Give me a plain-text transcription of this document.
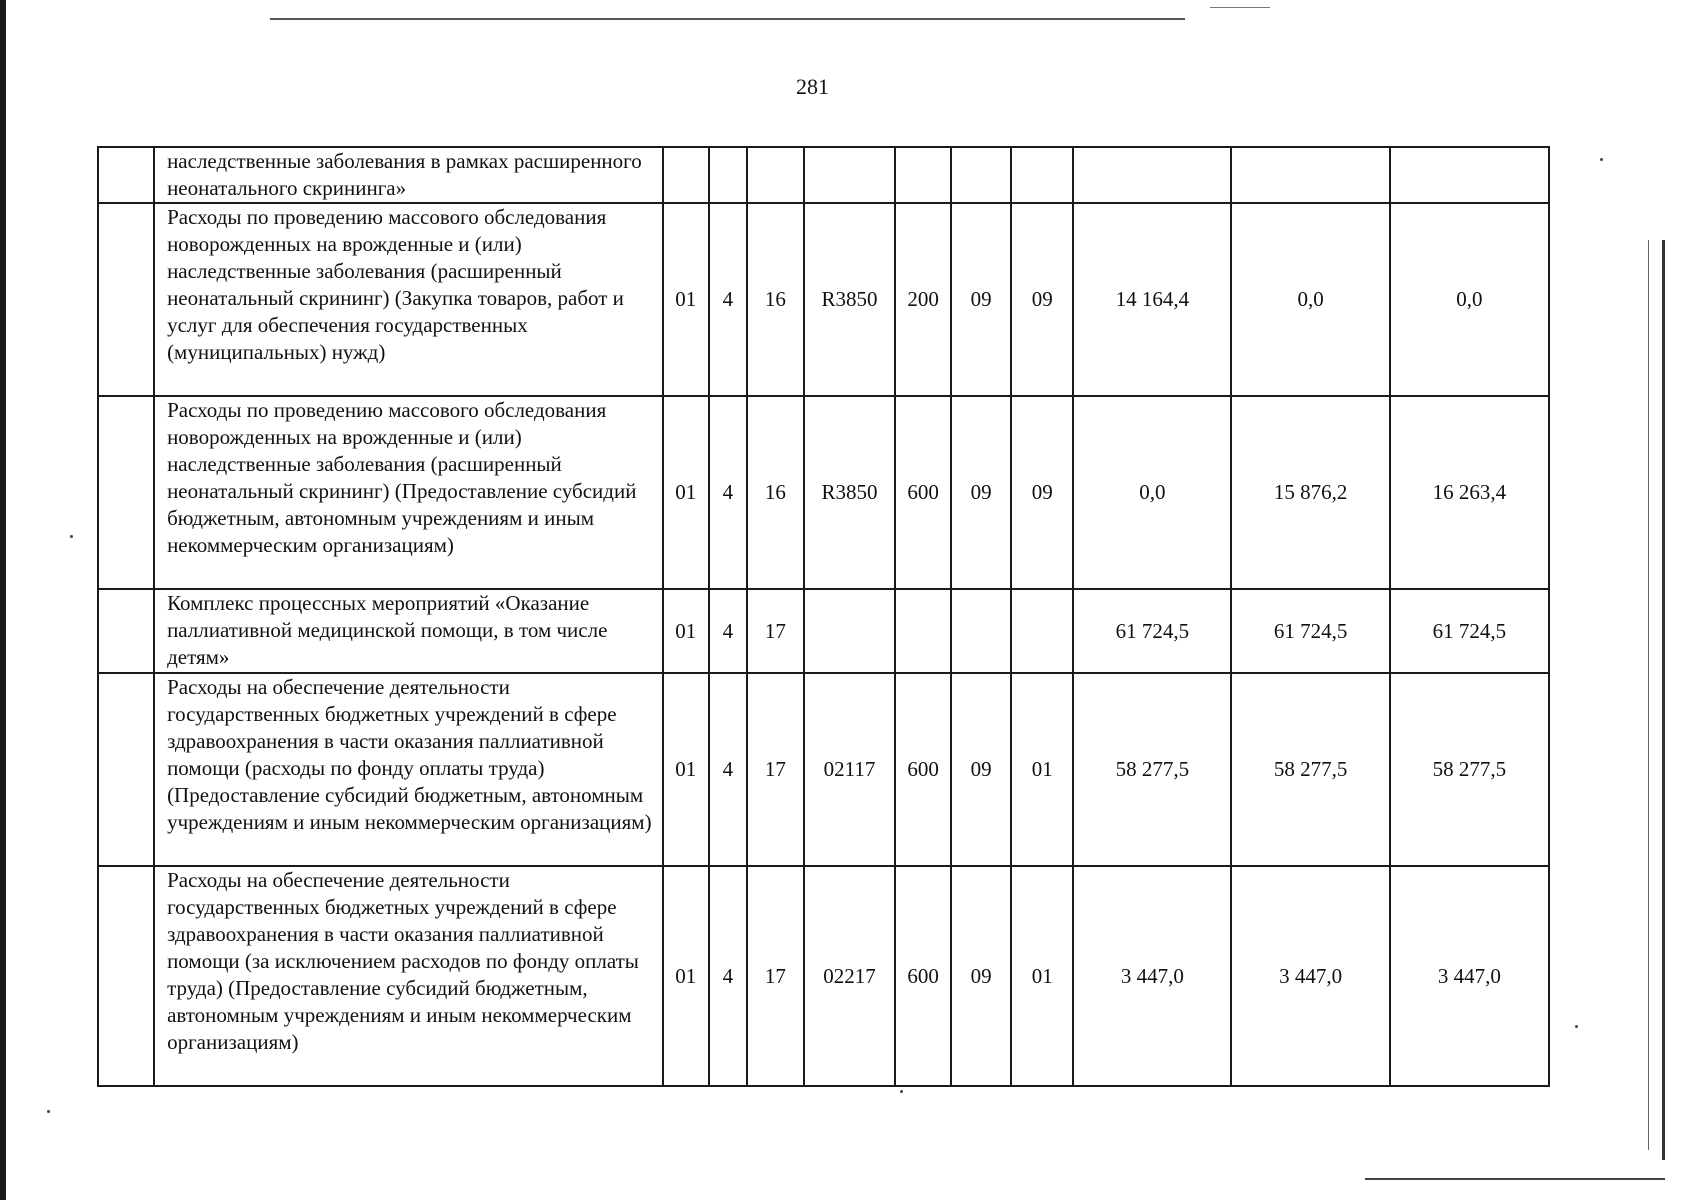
281
	наследственные заболевания в рамках расширенного неонатального скрининга»										
	Расходы по проведению массового обследования новорожденных на врожденные и (или) наследственные заболевания (расширенный неонатальный скрининг) (Закупка товаров, работ и услуг для обеспечения государственных (муниципальных) нужд)	01	4	16	R3850	200	09	09	14 164,4	0,0	0,0
	Расходы по проведению массового обследования новорожденных на врожденные и (или) наследственные заболевания (расширенный неонатальный скрининг) (Предоставление субсидий бюджетным, автономным учреждениям и иным некоммерческим организациям)	01	4	16	R3850	600	09	09	0,0	15 876,2	16 263,4
	Комплекс процессных мероприятий «Оказание паллиативной медицинской помощи, в том числе детям»	01	4	17					61 724,5	61 724,5	61 724,5
	Расходы на обеспечение деятельности государственных бюджетных учреждений в сфере здравоохранения в части оказания паллиативной помощи (расходы по фонду оплаты труда) (Предоставление субсидий бюджетным, автономным учреждениям и иным некоммерческим организациям)	01	4	17	02117	600	09	01	58 277,5	58 277,5	58 277,5
	Расходы на обеспечение деятельности государственных бюджетных учреждений в сфере здравоохранения в части оказания паллиативной помощи (за исключением расходов по фонду оплаты труда) (Предоставление субсидий бюджетным, автономным учреждениям и иным некоммерческим организациям)	01	4	17	02217	600	09	01	3 447,0	3 447,0	3 447,0
